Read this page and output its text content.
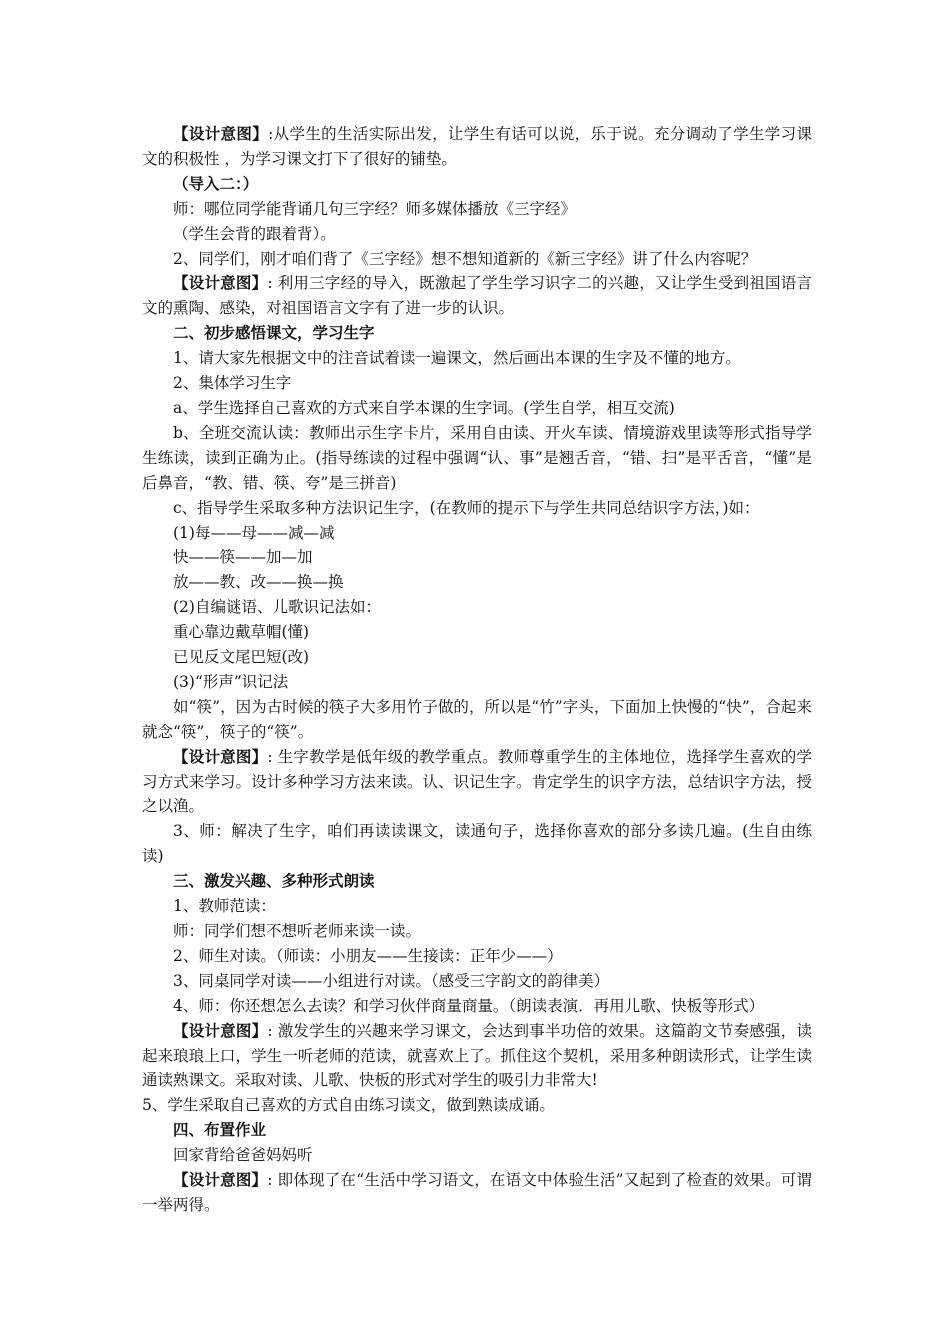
【设计意图】:从学生的生活实际出发，让学生有话可以说，乐于说。充分调动了学生学习课文的积极性 ，为学习课文打下了很好的铺垫。

（导入二：）

师：哪位同学能背诵几句三字经？师多媒体播放《三字经》

（学生会背的跟着背）。

2、同学们，刚才咱们背了《三字经》想不想知道新的《新三字经》讲了什么内容呢？

【设计意图】: 利用三字经的导入，既激起了学生学习识字二的兴趣，又让学生受到祖国语言文的熏陶、感染，对祖国语言文字有了进一步的认识。

二、初步感悟课文，学习生字

1、请大家先根据文中的注音试着读一遍课文，然后画出本课的生字及不懂的地方。

2、集体学习生字

a、学生选择自己喜欢的方式来自学本课的生字词。(学生自学，相互交流)

b、全班交流认读：教师出示生字卡片，采用自由读、开火车读、情境游戏里读等形式指导学生练读，读到正确为止。(指导练读的过程中强调“认、事”是翘舌音，“错、扫”是平舌音，“懂”是后鼻音，“教、错、筷、夸”是三拼音)

c、指导学生采取多种方法识记生字，(在教师的提示下与学生共同总结识字方法，)如：

(1)每——母——减—减

快——筷——加—加

放——教、改——换—换

(2)自编谜语、儿歌识记法如：

重心靠边戴草帽(懂)

已见反文尾巴短(改)

(3)“形声”识记法

如“筷”，因为古时候的筷子大多用竹子做的，所以是“竹”字头，下面加上快慢的“快”，合起来就念“筷”，筷子的“筷”。

【设计意图】: 生字教学是低年级的教学重点。教师尊重学生的主体地位，选择学生喜欢的学习方式来学习。设计多种学习方法来读。认、识记生字。肯定学生的识字方法，总结识字方法，授之以渔。

3、师：解决了生字，咱们再读读课文，读通句子，选择你喜欢的部分多读几遍。(生自由练读)

三、激发兴趣、多种形式朗读

1、教师范读：

师：同学们想不想听老师来读一读。

2、师生对读。（师读：小朋友——生接读：正年少——）

3、同桌同学对读——小组进行对读。（感受三字韵文的韵律美）

4、师：你还想怎么去读？和学习伙伴商量商量。（朗读表演．再用儿歌、快板等形式）

【设计意图】: 激发学生的兴趣来学习课文，会达到事半功倍的效果。这篇韵文节奏感强，读起来琅琅上口，学生一听老师的范读，就喜欢上了。抓住这个契机，采用多种朗读形式，让学生读通读熟课文。采取对读、儿歌、快板的形式对学生的吸引力非常大!

5、学生采取自己喜欢的方式自由练习读文，做到熟读成诵。

四、布置作业

回家背给爸爸妈妈听

【设计意图】: 即体现了在“生活中学习语文，在语文中体验生活”又起到了检查的效果。可谓一举两得。
